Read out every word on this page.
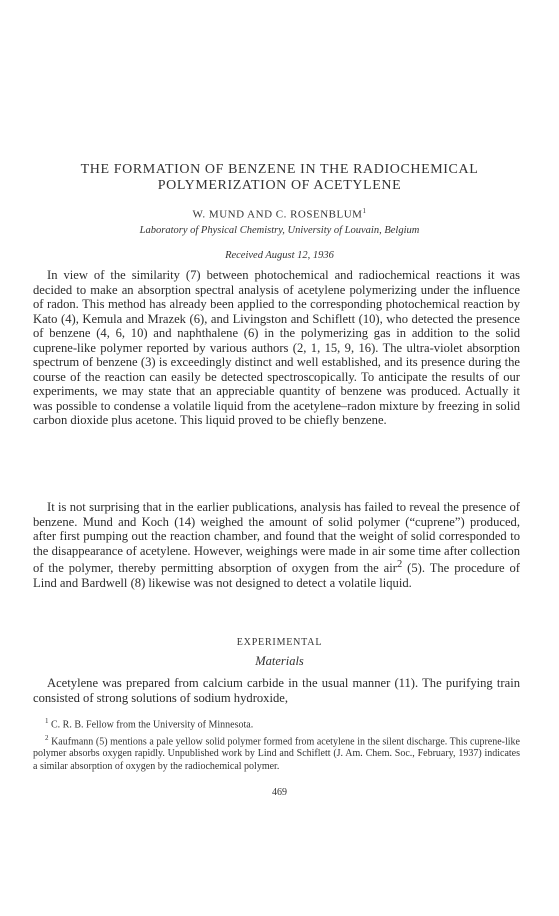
THE FORMATION OF BENZENE IN THE RADIOCHEMICAL
POLYMERIZATION OF ACETYLENE
W. MUND AND C. ROSENBLUM$^1$
Laboratory of Physical Chemistry, University of Louvain, Belgium
Received August 12, 1936

In view of the similarity (7) between photochemical and radiochemical reactions it was decided to make an absorption spectral analysis of acetylene polymerizing under the influence of radon. This method has already been applied to the corresponding photochemical reaction by Kato (4), Kemula and Mrazek (6), and Livingston and Schiflett (10), who detected the presence of benzene (4, 6, 10) and naphthalene (6) in the polymerizing gas in addition to the solid cuprene-like polymer reported by various authors (2, 1, 15, 9, 16). The ultra-violet absorption spectrum of benzene (3) is exceedingly distinct and well established, and its presence during the course of the reaction can easily be detected spectroscopically. To anticipate the results of our experiments, we may state that an appreciable quantity of benzene was produced. Actually it was possible to condense a volatile liquid from the acetylene–radon mixture by freezing in solid carbon dioxide plus acetone. This liquid proved to be chiefly benzene.

It is not surprising that in the earlier publications, analysis has failed to reveal the presence of benzene. Mund and Koch (14) weighed the amount of solid polymer (“cuprene”) produced, after first pumping out the reaction chamber, and found that the weight of solid corresponded to the disappearance of acetylene. However, weighings were made in air some time after collection of the polymer, thereby permitting absorption of oxygen from the air$^2$ (5). The procedure of Lind and Bardwell (8) likewise was not designed to detect a volatile liquid.

EXPERIMENTAL
Materials

Acetylene was prepared from calcium carbide in the usual manner (11). The purifying train consisted of strong solutions of sodium hydroxide,

$^1$ C. R. B. Fellow from the University of Minnesota.

$^2$ Kaufmann (5) mentions a pale yellow solid polymer formed from acetylene in the silent discharge. This cuprene-like polymer absorbs oxygen rapidly. Unpublished work by Lind and Schiflett (J. Am. Chem. Soc., February, 1937) indicates a similar absorption of oxygen by the radiochemical polymer.

469
